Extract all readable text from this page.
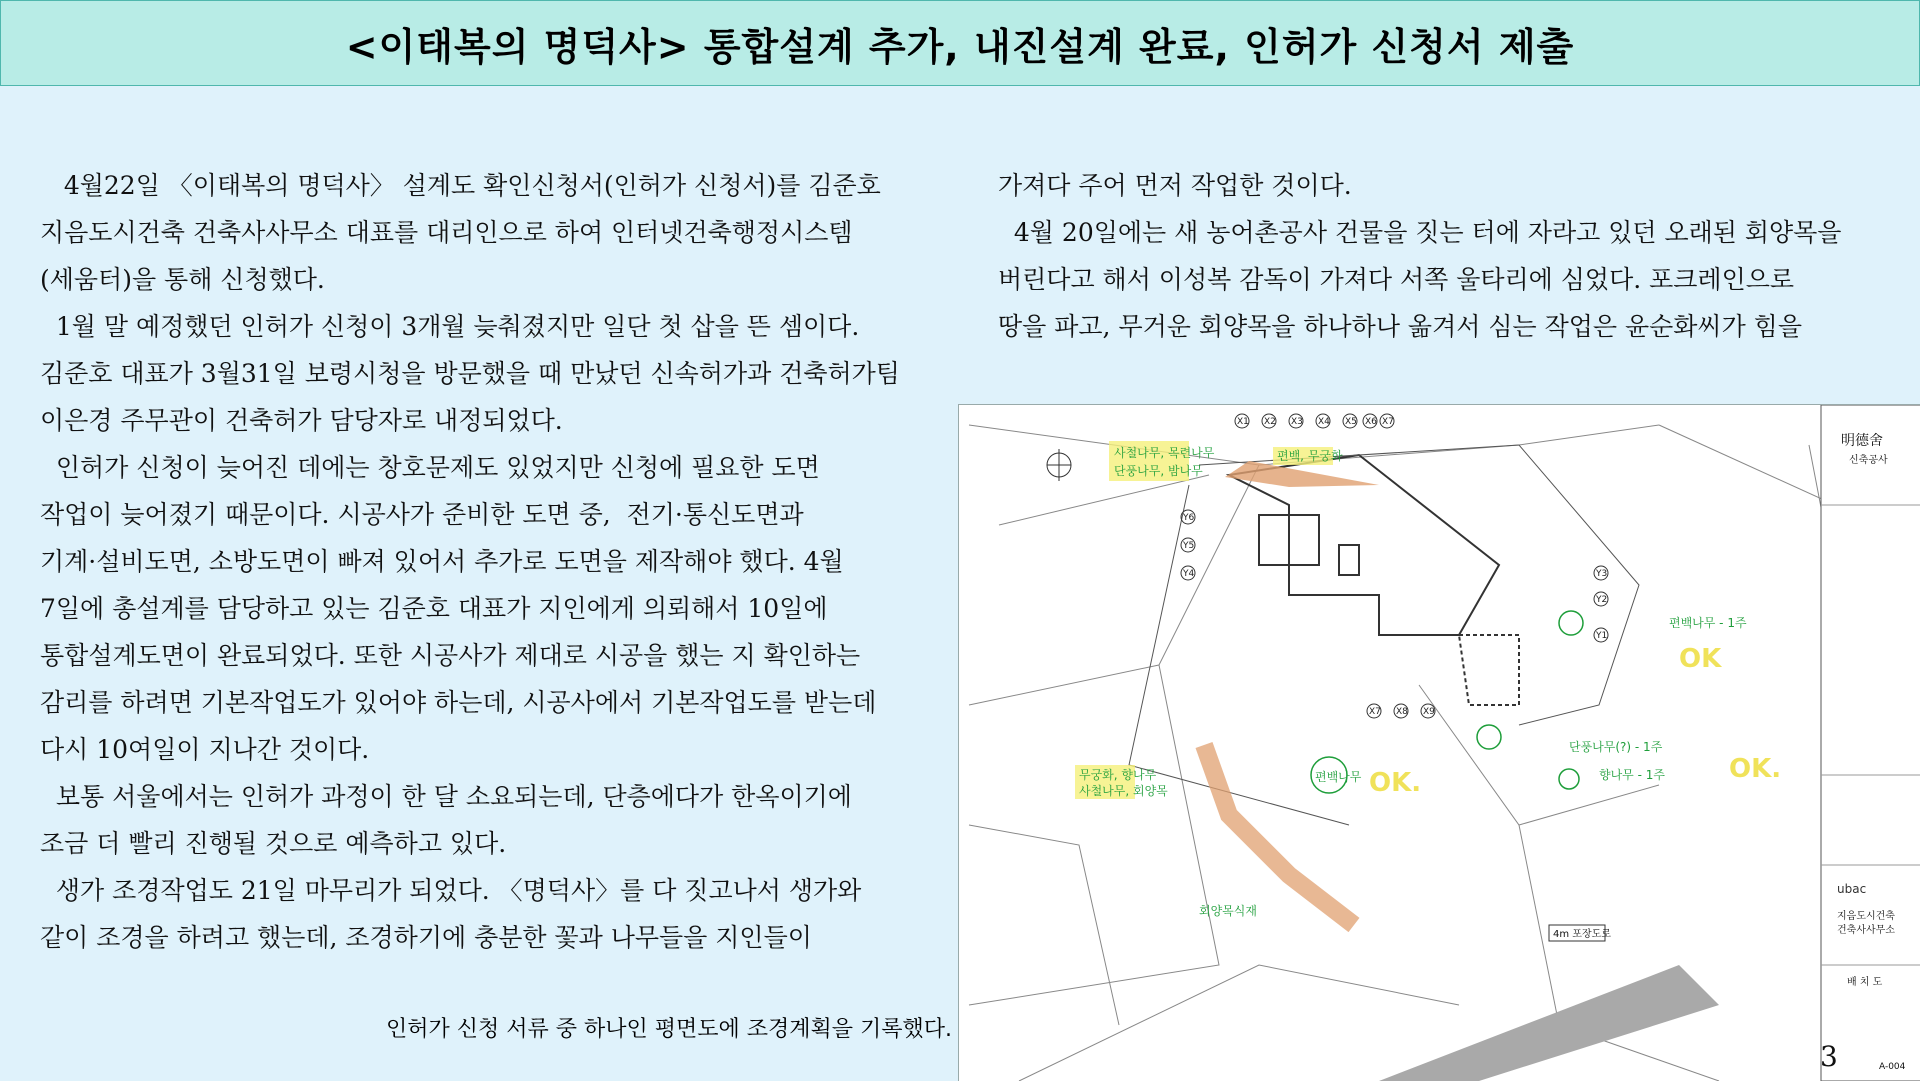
<이태복의 명덕사> 통합설계 추가, 내진설계 완료, 인허가 신청서 제출

4월22일 〈이태복의 명덕사〉 설계도 확인신청서(인허가 신청서)를 김준호

지음도시건축 건축사사무소 대표를 대리인으로 하여 인터넷건축행정시스템

(세움터)을 통해 신청했다.

1월 말 예정했던 인허가 신청이 3개월 늦춰졌지만 일단 첫 삽을 뜬 셈이다.

김준호 대표가 3월31일 보령시청을 방문했을 때 만났던 신속허가과 건축허가팀

이은경 주무관이 건축허가 담당자로 내정되었다.

인허가 신청이 늦어진 데에는 창호문제도 있었지만 신청에 필요한 도면

작업이 늦어졌기 때문이다. 시공사가 준비한 도면 중,  전기·통신도면과

기계·설비도면, 소방도면이 빠져 있어서 추가로 도면을 제작해야 했다. 4월

7일에 총설계를 담당하고 있는 김준호 대표가 지인에게 의뢰해서 10일에

통합설계도면이 완료되었다. 또한 시공사가 제대로 시공을 했는 지 확인하는

감리를 하려면 기본작업도가 있어야 하는데, 시공사에서 기본작업도를 받는데

다시 10여일이 지나간 것이다.

보통 서울에서는 인허가 과정이 한 달 소요되는데, 단층에다가 한옥이기에

조금 더 빨리 진행될 것으로 예측하고 있다.

생가 조경작업도 21일 마무리가 되었다. 〈명덕사〉를 다 짓고나서 생가와

같이 조경을 하려고 했는데, 조경하기에 충분한 꽃과 나무들을 지인들이

가져다 주어 먼저 작업한 것이다.

4월 20일에는 새 농어촌공사 건물을 짓는 터에 자라고 있던 오래된 회양목을

버린다고 해서 이성복 감독이 가져다 서쪽 울타리에 심었다. 포크레인으로

땅을 파고, 무거운 회양목을 하나하나 옮겨서 심는 작업은 윤순화씨가 힘을

X1 X2 X3 X4 X5 X6 X7
Y6
Y5
Y4	Y3
Y2
Y1
X7 X8 X9
사철나무, 목련나무
단풍나무, 밤나무
편백, 무궁화
편백나무 - 1주
단풍나무(?) - 1주
향나무 - 1주
무궁화, 향나무
사철나무, 회양목
편백나무
회양목식재
OK
OK.
OK.
4m 포장도로
明德舍
신축공사
ubac
지음도시건축
건축사사무소
배 치 도
A-004
인허가 신청 서류 중 하나인 평면도에 조경계획을 기록했다.
3
